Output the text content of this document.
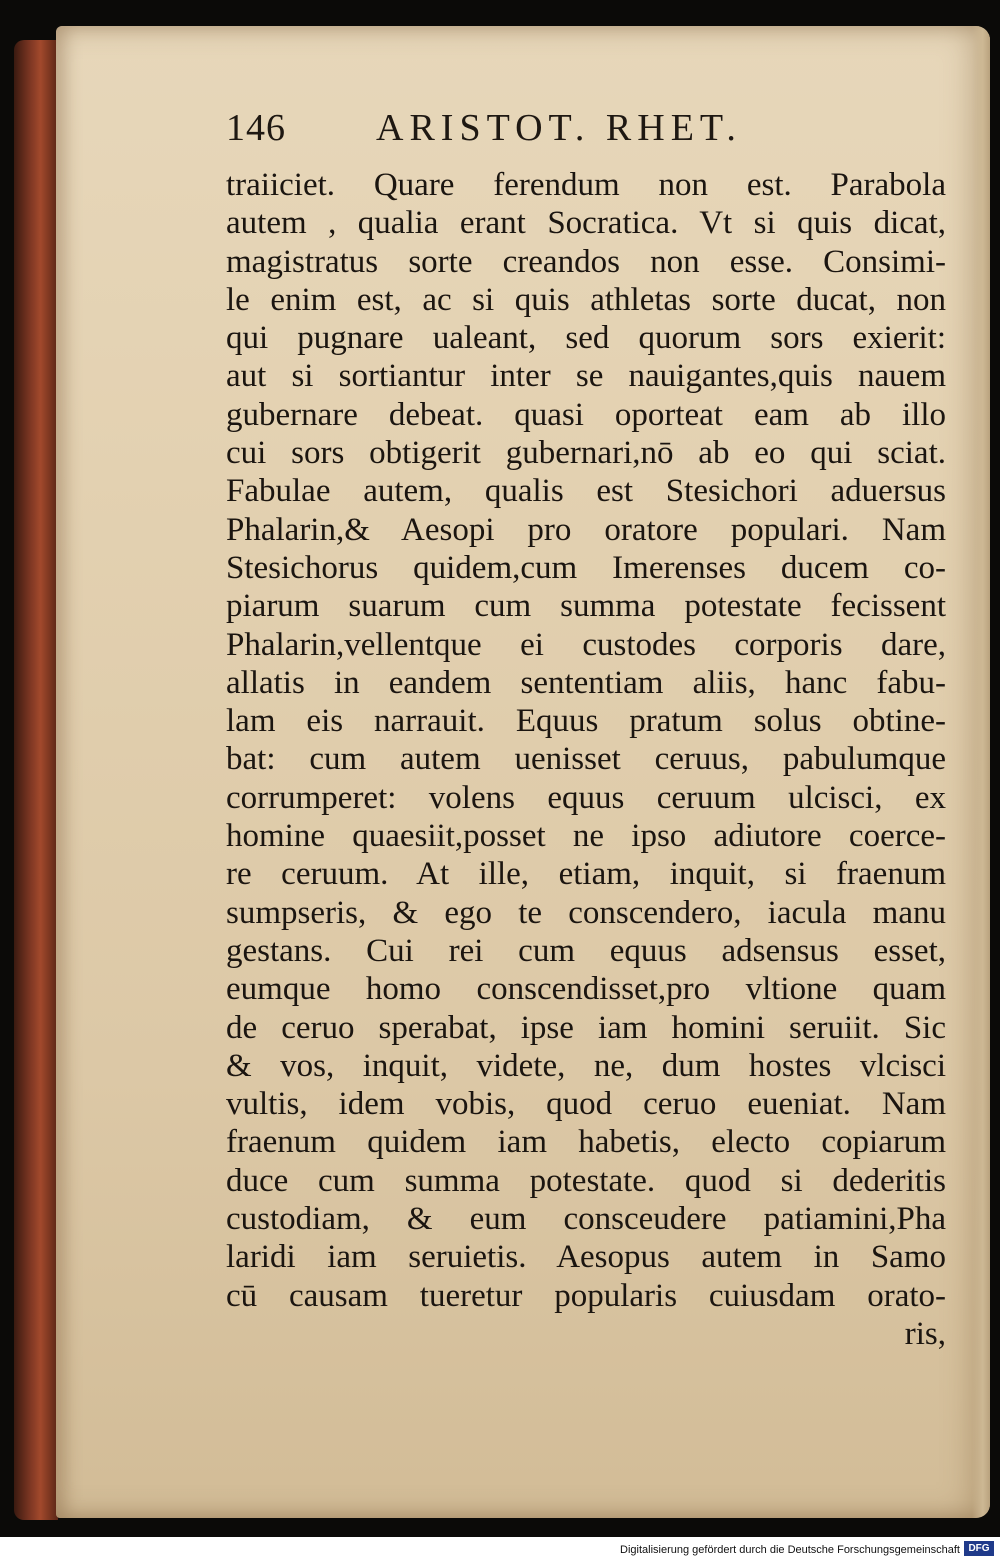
146 ARISTOT. RHET.
traiiciet. Quare ferendum non est. Parabola
autem , qualia erant Socratica. Vt si quis dicat,
magistratus sorte creandos non esse. Consimi-
le enim est, ac si quis athletas sorte ducat, non
qui pugnare ualeant, sed quorum sors exierit:
aut si sortiantur inter se nauigantes,quis nauem
gubernare debeat. quasi oporteat eam ab illo
cui sors obtigerit gubernari,nō ab eo qui sciat.
Fabulae autem, qualis est Stesichori aduersus
Phalarin,& Aesopi pro oratore populari. Nam
Stesichorus quidem,cum Imerenses ducem co-
piarum suarum cum summa potestate fecissent
Phalarin,vellentque ei custodes corporis dare,
allatis in eandem sententiam aliis, hanc fabu-
lam eis narrauit. Equus pratum solus obtine-
bat: cum autem uenisset ceruus, pabulumque
corrumperet: volens equus ceruum ulcisci, ex
homine quaesiit,posset ne ipso adiutore coerce-
re ceruum. At ille, etiam, inquit, si fraenum
sumpseris, & ego te conscendero, iacula manu
gestans. Cui rei cum equus adsensus esset,
eumque homo conscendisset,pro vltione quam
de ceruo sperabat, ipse iam homini seruiit. Sic
& vos, inquit, videte, ne, dum hostes vlcisci
vultis, idem vobis, quod ceruo eueniat. Nam
fraenum quidem iam habetis, electo copiarum
duce cum summa potestate. quod si dederitis
custodiam, & eum consceudere patiamini,Pha
laridi iam seruietis. Aesopus autem in Samo
cū causam tueretur popularis cuiusdam orato-
ris,
Digitalisierung gefördert durch die Deutsche Forschungsgemeinschaft DFG
